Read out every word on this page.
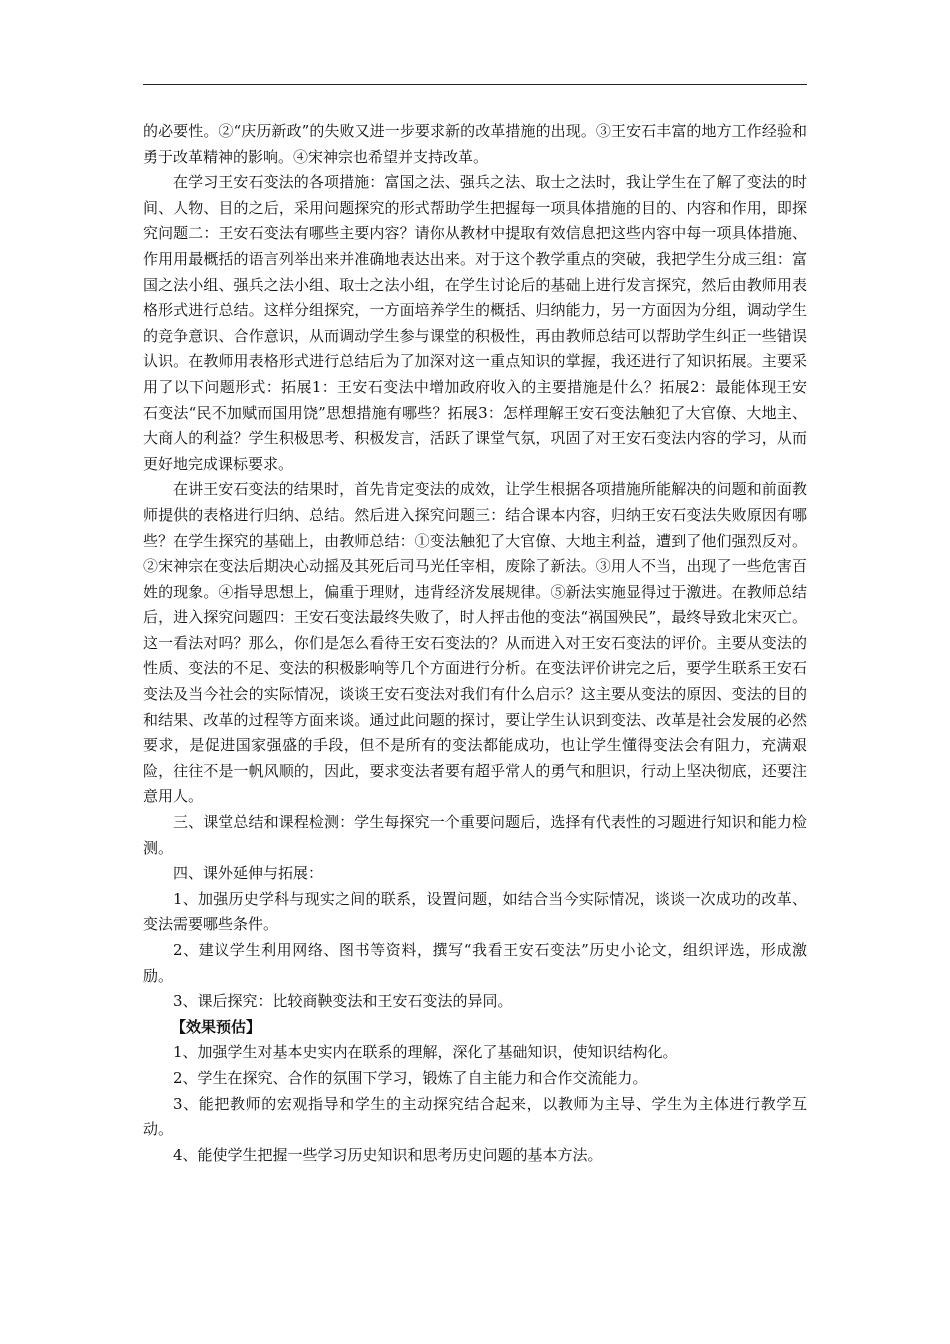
的必要性。②“庆历新政”的失败又进一步要求新的改革措施的出现。③王安石丰富的地方工作经验和勇于改革精神的影响。④宋神宗也希望并支持改革。

在学习王安石变法的各项措施：富国之法、强兵之法、取士之法时，我让学生在了解了变法的时间、人物、目的之后，采用问题探究的形式帮助学生把握每一项具体措施的目的、内容和作用，即探究问题二：王安石变法有哪些主要内容？请你从教材中提取有效信息把这些内容中每一项具体措施、作用用最概括的语言列举出来并准确地表达出来。对于这个教学重点的突破，我把学生分成三组：富国之法小组、强兵之法小组、取士之法小组，在学生讨论后的基础上进行发言探究，然后由教师用表格形式进行总结。这样分组探究，一方面培养学生的概括、归纳能力，另一方面因为分组，调动学生的竞争意识、合作意识，从而调动学生参与课堂的积极性，再由教师总结可以帮助学生纠正一些错误认识。在教师用表格形式进行总结后为了加深对这一重点知识的掌握，我还进行了知识拓展。主要采用了以下问题形式：拓展1：王安石变法中增加政府收入的主要措施是什么？拓展2：最能体现王安石变法“民不加赋而国用饶”思想措施有哪些？拓展3：怎样理解王安石变法触犯了大官僚、大地主、大商人的利益？学生积极思考、积极发言，活跃了课堂气氛，巩固了对王安石变法内容的学习，从而更好地完成课标要求。

在讲王安石变法的结果时，首先肯定变法的成效，让学生根据各项措施所能解决的问题和前面教师提供的表格进行归纳、总结。然后进入探究问题三：结合课本内容，归纳王安石变法失败原因有哪些？在学生探究的基础上，由教师总结：①变法触犯了大官僚、大地主利益，遭到了他们强烈反对。②宋神宗在变法后期决心动摇及其死后司马光任宰相，废除了新法。③用人不当，出现了一些危害百姓的现象。④指导思想上，偏重于理财，违背经济发展规律。⑤新法实施显得过于激进。在教师总结后，进入探究问题四：王安石变法最终失败了，时人抨击他的变法“祸国殃民”，最终导致北宋灭亡。这一看法对吗？那么，你们是怎么看待王安石变法的？从而进入对王安石变法的评价。主要从变法的性质、变法的不足、变法的积极影响等几个方面进行分析。在变法评价讲完之后，要学生联系王安石变法及当今社会的实际情况，谈谈王安石变法对我们有什么启示？这主要从变法的原因、变法的目的和结果、改革的过程等方面来谈。通过此问题的探讨，要让学生认识到变法、改革是社会发展的必然要求，是促进国家强盛的手段，但不是所有的变法都能成功，也让学生懂得变法会有阻力，充满艰险，往往不是一帆风顺的，因此，要求变法者要有超乎常人的勇气和胆识，行动上坚决彻底，还要注意用人。

三、课堂总结和课程检测：学生每探究一个重要问题后，选择有代表性的习题进行知识和能力检测。

四、课外延伸与拓展：

1、加强历史学科与现实之间的联系，设置问题，如结合当今实际情况，谈谈一次成功的改革、变法需要哪些条件。

2、建议学生利用网络、图书等资料，撰写“我看王安石变法”历史小论文，组织评选，形成激励。

3、课后探究：比较商鞅变法和王安石变法的异同。

【效果预估】

1、加强学生对基本史实内在联系的理解，深化了基础知识，使知识结构化。

2、学生在探究、合作的氛围下学习，锻炼了自主能力和合作交流能力。

3、能把教师的宏观指导和学生的主动探究结合起来，以教师为主导、学生为主体进行教学互动。

4、能使学生把握一些学习历史知识和思考历史问题的基本方法。
